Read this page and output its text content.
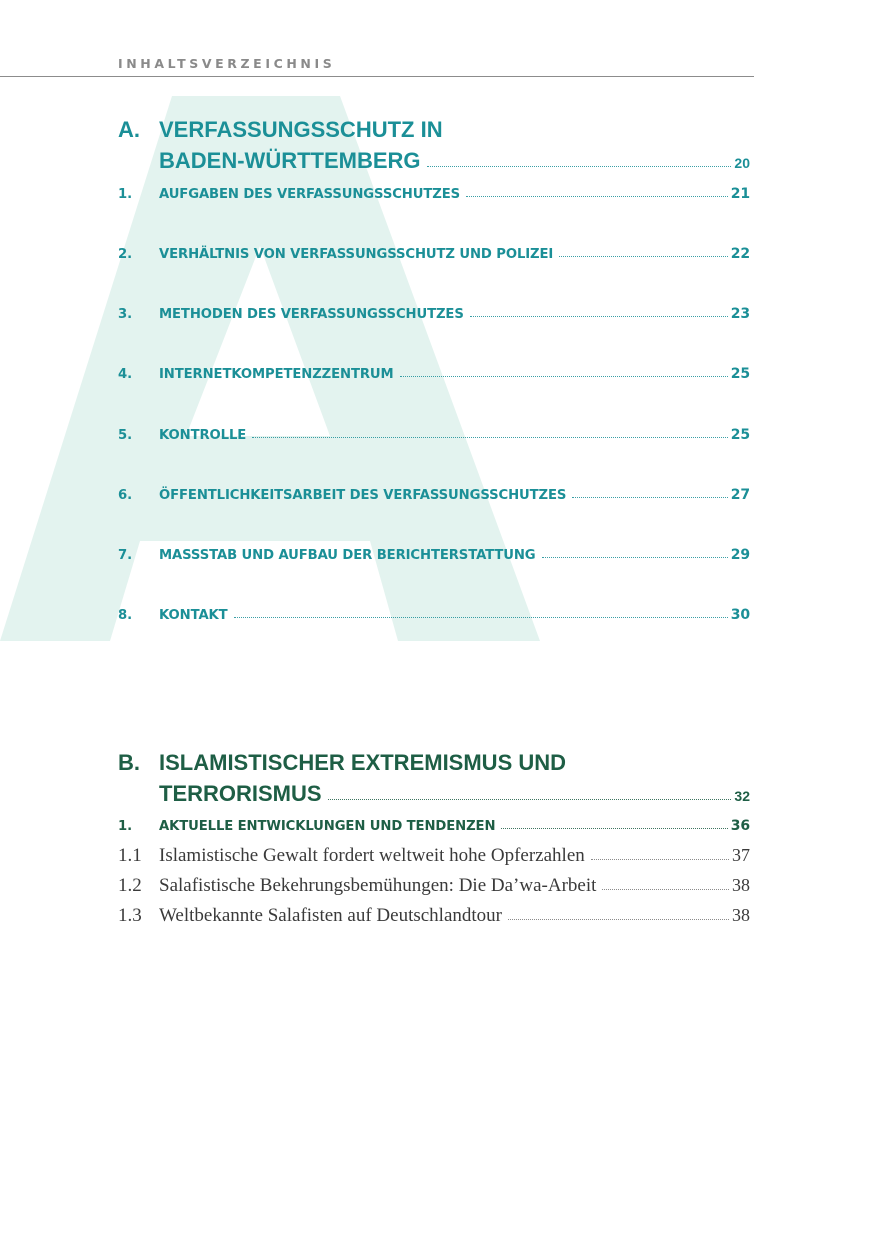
INHALTSVERZEICHNIS
A. VERFASSUNGSSCHUTZ IN
BADEN-WÜRTTEMBERG	20
1.	AUFGABEN DES VERFASSUNGSSCHUTZES	21
2.	VERHÄLTNIS VON VERFASSUNGSSCHUTZ UND POLIZEI	22
3.	METHODEN DES VERFASSUNGSSCHUTZES	23
4.	INTERNETKOMPETENZZENTRUM	25
5.	KONTROLLE	25
6.	ÖFFENTLICHKEITSARBEIT DES VERFASSUNGSSCHUTZES	27
7.	MASSSTAB UND AUFBAU DER BERICHTERSTATTUNG	29
8.	KONTAKT	30
B. ISLAMISTISCHER EXTREMISMUS UND
TERRORISMUS	32
1.	AKTUELLE ENTWICKLUNGEN UND TENDENZEN	36
1.1 Islamistische Gewalt fordert weltweit hohe Opferzahlen	37
1.2 Salafistische Bekehrungsbemühungen: Die Da’wa-Arbeit	38
1.3 Weltbekannte Salafisten auf Deutschlandtour	38
